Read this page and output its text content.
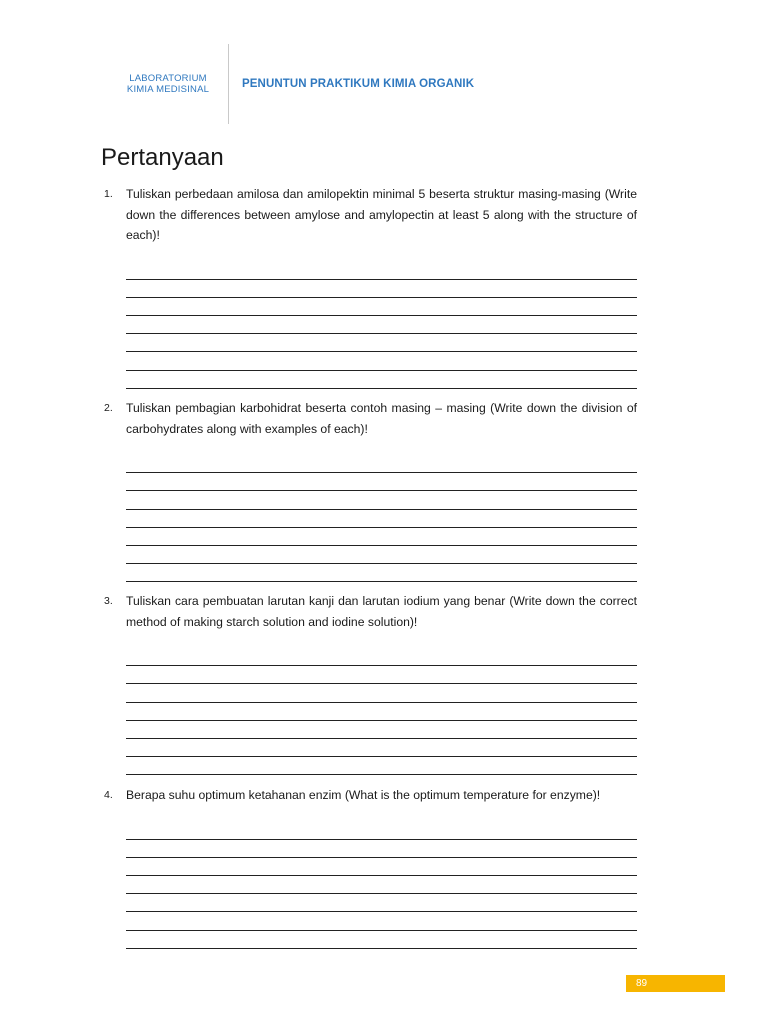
LABORATORIUM
KIMIA MEDISINAL	PENUNTUN PRAKTIKUM KIMIA ORGANIK
Pertanyaan
1.	Tuliskan perbedaan amilosa dan amilopektin minimal 5 beserta struktur masing-masing (Write down the differences between amylose and amylopectin at least 5 along with the structure of each)!
2.	Tuliskan pembagian karbohidrat beserta contoh masing – masing (Write down the division of carbohydrates along with examples of each)!
3.	Tuliskan cara pembuatan larutan kanji dan larutan iodium yang benar (Write down the correct method of making starch solution and iodine solution)!
4.	Berapa suhu optimum ketahanan enzim (What is the optimum temperature for enzyme)!
89
